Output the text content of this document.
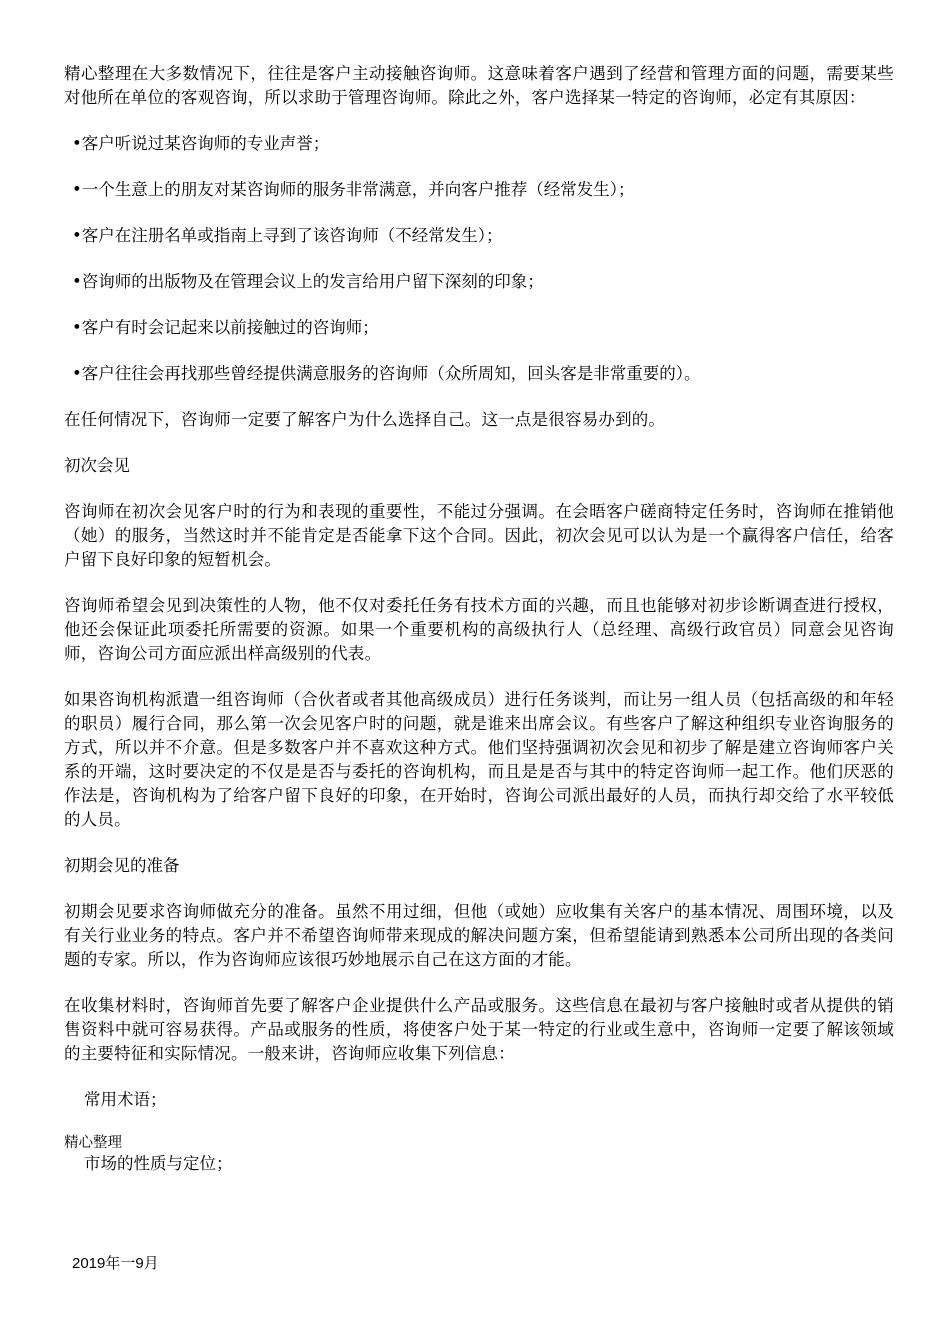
精心整理在大多数情况下，往往是客户主动接触咨询师。这意味着客户遇到了经营和管理方面的问题，需要某些对他所在单位的客观咨询，所以求助于管理咨询师。除此之外，客户选择某一特定的咨询师，必定有其原因：

•客户听说过某咨询师的专业声誉；

•一个生意上的朋友对某咨询师的服务非常满意，并向客户推荐（经常发生）；

•客户在注册名单或指南上寻到了该咨询师（不经常发生）；

•咨询师的出版物及在管理会议上的发言给用户留下深刻的印象；

•客户有时会记起来以前接触过的咨询师；

•客户往往会再找那些曾经提供满意服务的咨询师（众所周知，回头客是非常重要的）。

在任何情况下，咨询师一定要了解客户为什么选择自己。这一点是很容易办到的。

初次会见

咨询师在初次会见客户时的行为和表现的重要性，不能过分强调。在会晤客户磋商特定任务时，咨询师在推销他（她）的服务，当然这时并不能肯定是否能拿下这个合同。因此，初次会见可以认为是一个赢得客户信任，给客户留下良好印象的短暂机会。

咨询师希望会见到决策性的人物，他不仅对委托任务有技术方面的兴趣，而且也能够对初步诊断调查进行授权，他还会保证此项委托所需要的资源。如果一个重要机构的高级执行人（总经理、高级行政官员）同意会见咨询师，咨询公司方面应派出样高级别的代表。

如果咨询机构派遣一组咨询师（合伙者或者其他高级成员）进行任务谈判，而让另一组人员（包括高级的和年轻的职员）履行合同，那么第一次会见客户时的问题，就是谁来出席会议。有些客户了解这种组织专业咨询服务的方式，所以并不介意。但是多数客户并不喜欢这种方式。他们坚持强调初次会见和初步了解是建立咨询师客户关系的开端，这时要决定的不仅是是否与委托的咨询机构，而且是是否与其中的特定咨询师一起工作。他们厌恶的作法是，咨询机构为了给客户留下良好的印象，在开始时，咨询公司派出最好的人员，而执行却交给了水平较低的人员。

初期会见的准备

初期会见要求咨询师做充分的准备。虽然不用过细，但他（或她）应收集有关客户的基本情况、周围环境，以及有关行业业务的特点。客户并不希望咨询师带来现成的解决问题方案，但希望能请到熟悉本公司所出现的各类问题的专家。所以，作为咨询师应该很巧妙地展示自己在这方面的才能。

在收集材料时，咨询师首先要了解客户企业提供什么产品或服务。这些信息在最初与客户接触时或者从提供的销售资料中就可容易获得。产品或服务的性质，将使客户处于某一特定的行业或生意中，咨询师一定要了解该领域的主要特征和实际情况。一般来讲，咨询师应收集下列信息：

常用术语；

精心整理

市场的性质与定位；

2019年一9月
